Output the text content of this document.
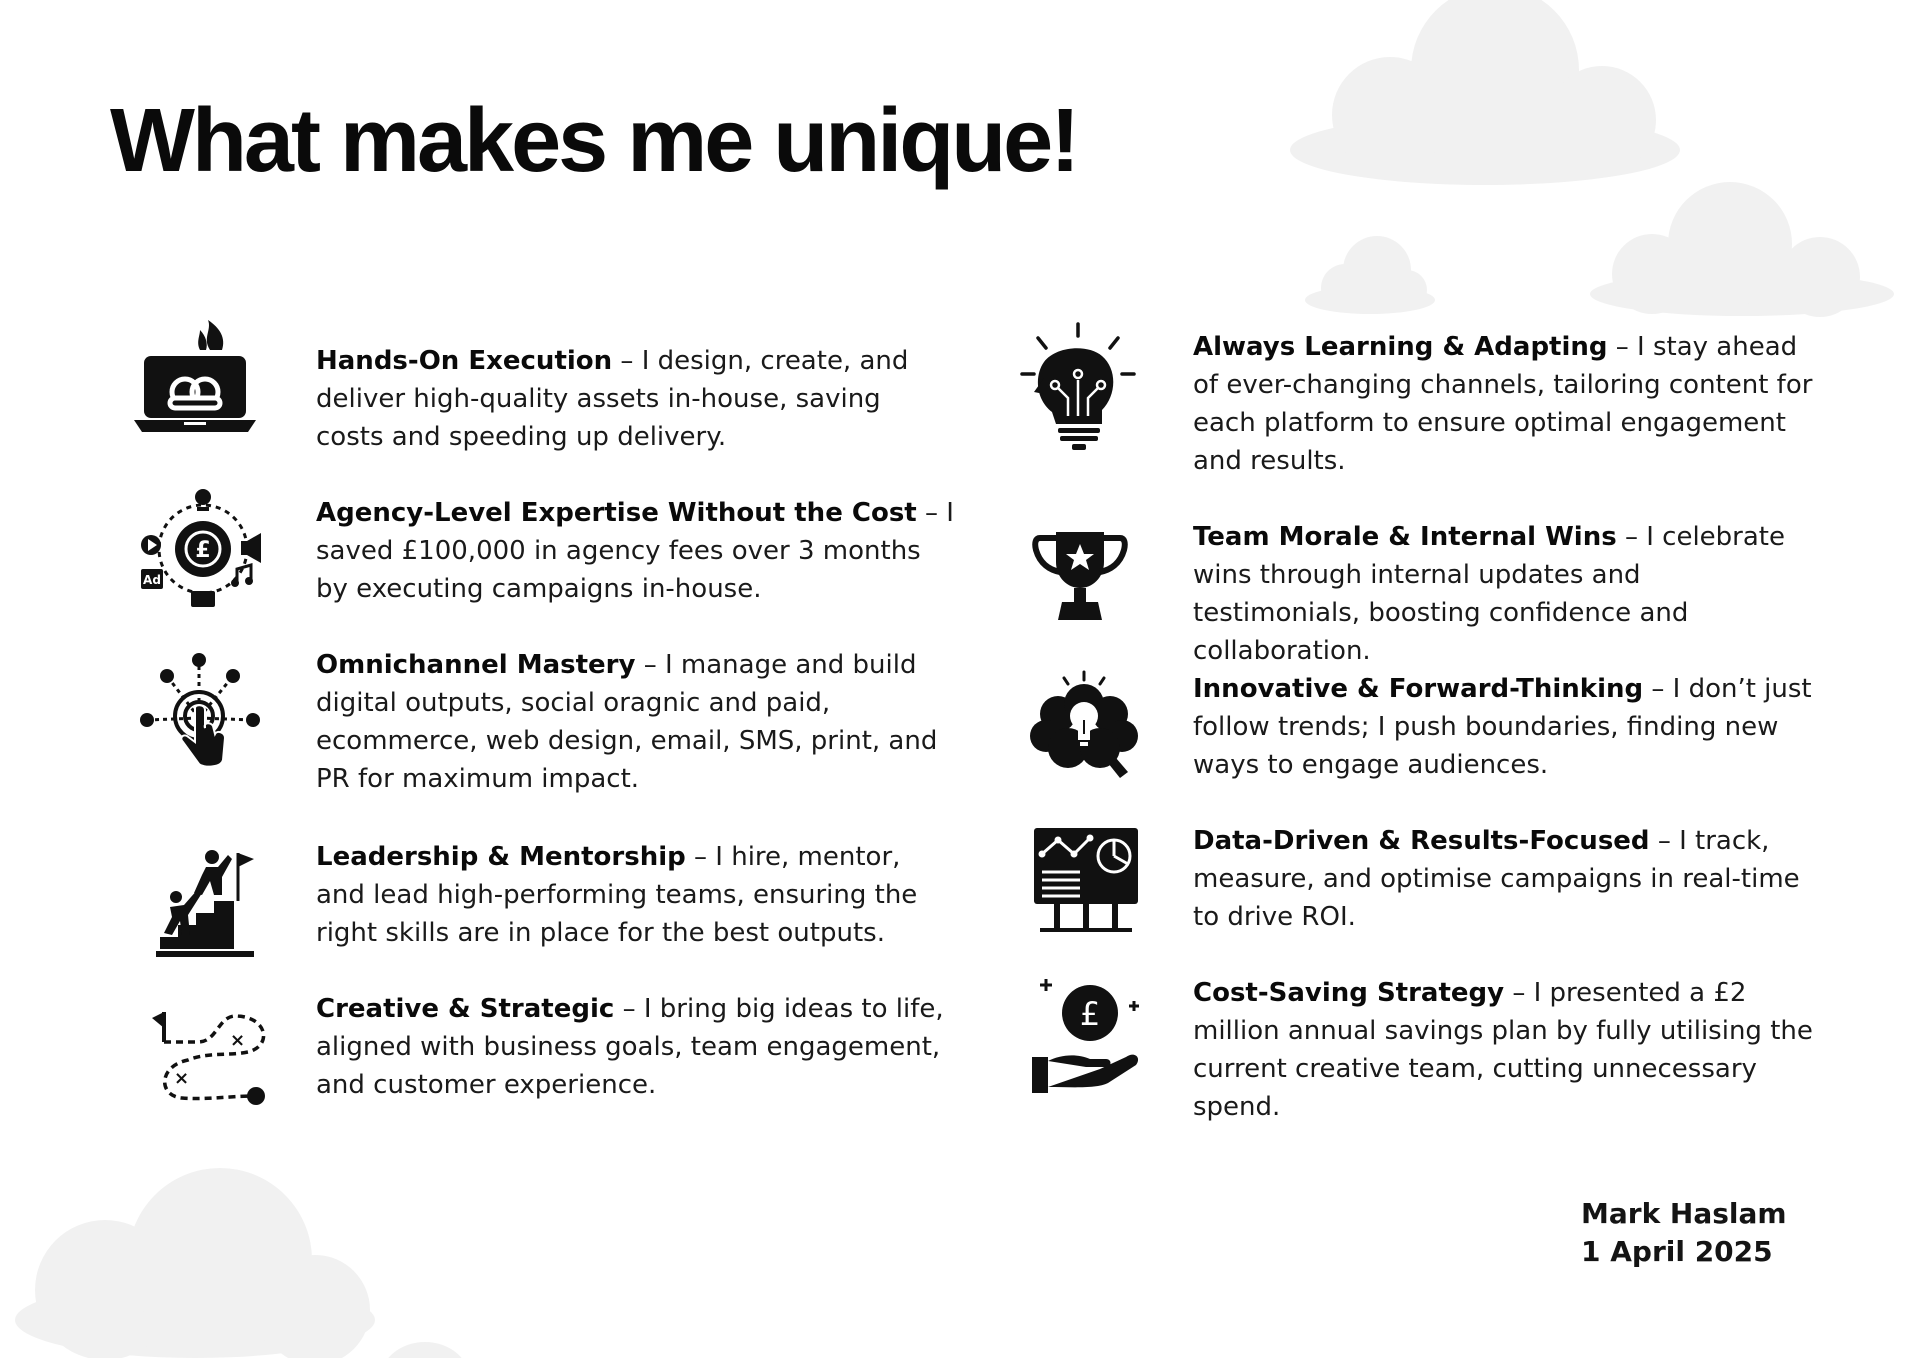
What makes me unique!
Hands-On Execution – I design, create, and deliver high-quality assets in-house, saving costs and speeding up delivery.
£
Ad
Agency-Level Expertise Without the Cost – I saved £100,000 in agency fees over 3 months by executing campaigns in-house.
Omnichannel Mastery – I manage and build digital outputs, social oragnic and paid, ecommerce, web design, email, SMS, print, and PR for maximum impact.
Leadership & Mentorship – I hire, mentor, and lead high-performing teams, ensuring the right skills are in place for the best outputs.
×
×
Creative & Strategic – I bring big ideas to life, aligned with business goals, team engagement, and customer experience.
Always Learning & Adapting – I stay ahead of ever-changing channels, tailoring content for each platform to ensure optimal engagement and results.
Team Morale & Internal Wins – I celebrate wins through internal updates and testimonials, boosting confidence and collaboration.
Innovative & Forward-Thinking – I don’t just follow trends; I push boundaries, finding new ways to engage audiences.
Data-Driven & Results-Focused – I track, measure, and optimise campaigns in real-time to drive ROI.
£
Cost-Saving Strategy – I presented a £2 million annual savings plan by fully utilising the current creative team, cutting unnecessary spend.
Mark Haslam
1 April 2025
